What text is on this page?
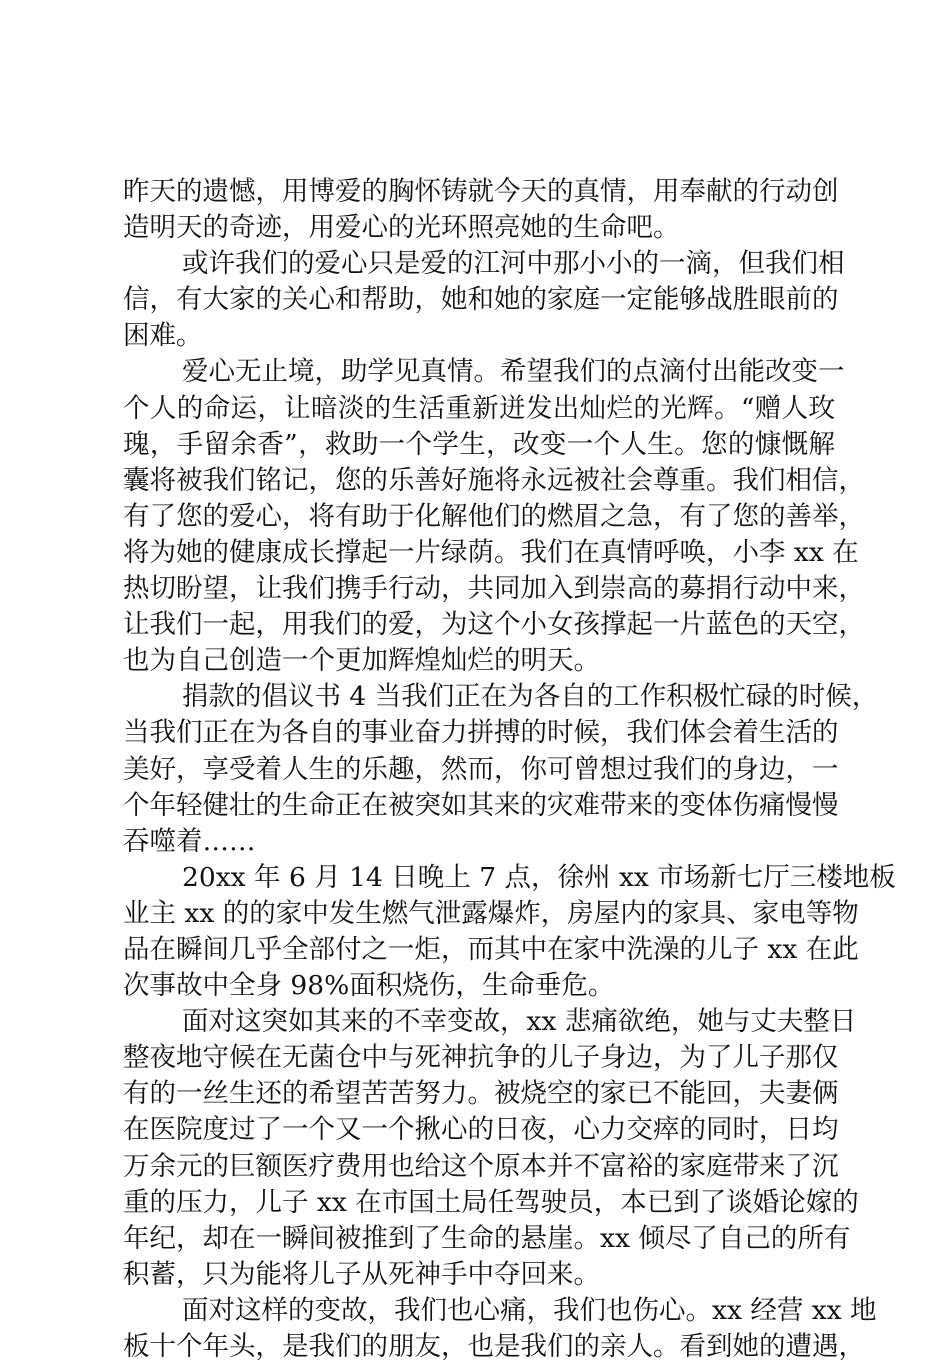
昨天的遗憾，用博爱的胸怀铸就今天的真情，用奉献的行动创
造明天的奇迹，用爱心的光环照亮她的生命吧。
或许我们的爱心只是爱的江河中那小小的一滴，但我们相
信，有大家的关心和帮助，她和她的家庭一定能够战胜眼前的
困难。
爱心无止境，助学见真情。希望我们的点滴付出能改变一
个人的命运，让暗淡的生活重新迸发出灿烂的光辉。“赠人玫
瑰，手留余香”，救助一个学生，改变一个人生。您的慷慨解
囊将被我们铭记，您的乐善好施将永远被社会尊重。我们相信，
有了您的爱心，将有助于化解他们的燃眉之急，有了您的善举，
将为她的健康成长撑起一片绿荫。我们在真情呼唤，小李 xx 在
热切盼望，让我们携手行动，共同加入到崇高的募捐行动中来，
让我们一起，用我们的爱，为这个小女孩撑起一片蓝色的天空，
也为自己创造一个更加辉煌灿烂的明天。
捐款的倡议书 4 当我们正在为各自的工作积极忙碌的时候，
当我们正在为各自的事业奋力拼搏的时候，我们体会着生活的
美好，享受着人生的乐趣，然而，你可曾想过我们的身边，一
个年轻健壮的生命正在被突如其来的灾难带来的变体伤痛慢慢
吞噬着……
20xx 年 6 月 14 日晚上 7 点，徐州 xx 市场新七厅三楼地板
业主 xx 的的家中发生燃气泄露爆炸，房屋内的家具、家电等物
品在瞬间几乎全部付之一炬，而其中在家中洗澡的儿子 xx 在此
次事故中全身 98%面积烧伤，生命垂危。
面对这突如其来的不幸变故，xx 悲痛欲绝，她与丈夫整日
整夜地守候在无菌仓中与死神抗争的儿子身边，为了儿子那仅
有的一丝生还的希望苦苦努力。被烧空的家已不能回，夫妻俩
在医院度过了一个又一个揪心的日夜，心力交瘁的同时，日均
万余元的巨额医疗费用也给这个原本并不富裕的家庭带来了沉
重的压力，儿子 xx 在市国土局任驾驶员，本已到了谈婚论嫁的
年纪，却在一瞬间被推到了生命的悬崖。xx 倾尽了自己的所有
积蓄，只为能将儿子从死神手中夺回来。
面对这样的变故，我们也心痛，我们也伤心。xx 经营 xx 地
板十个年头，是我们的朋友，也是我们的亲人。看到她的遭遇，
